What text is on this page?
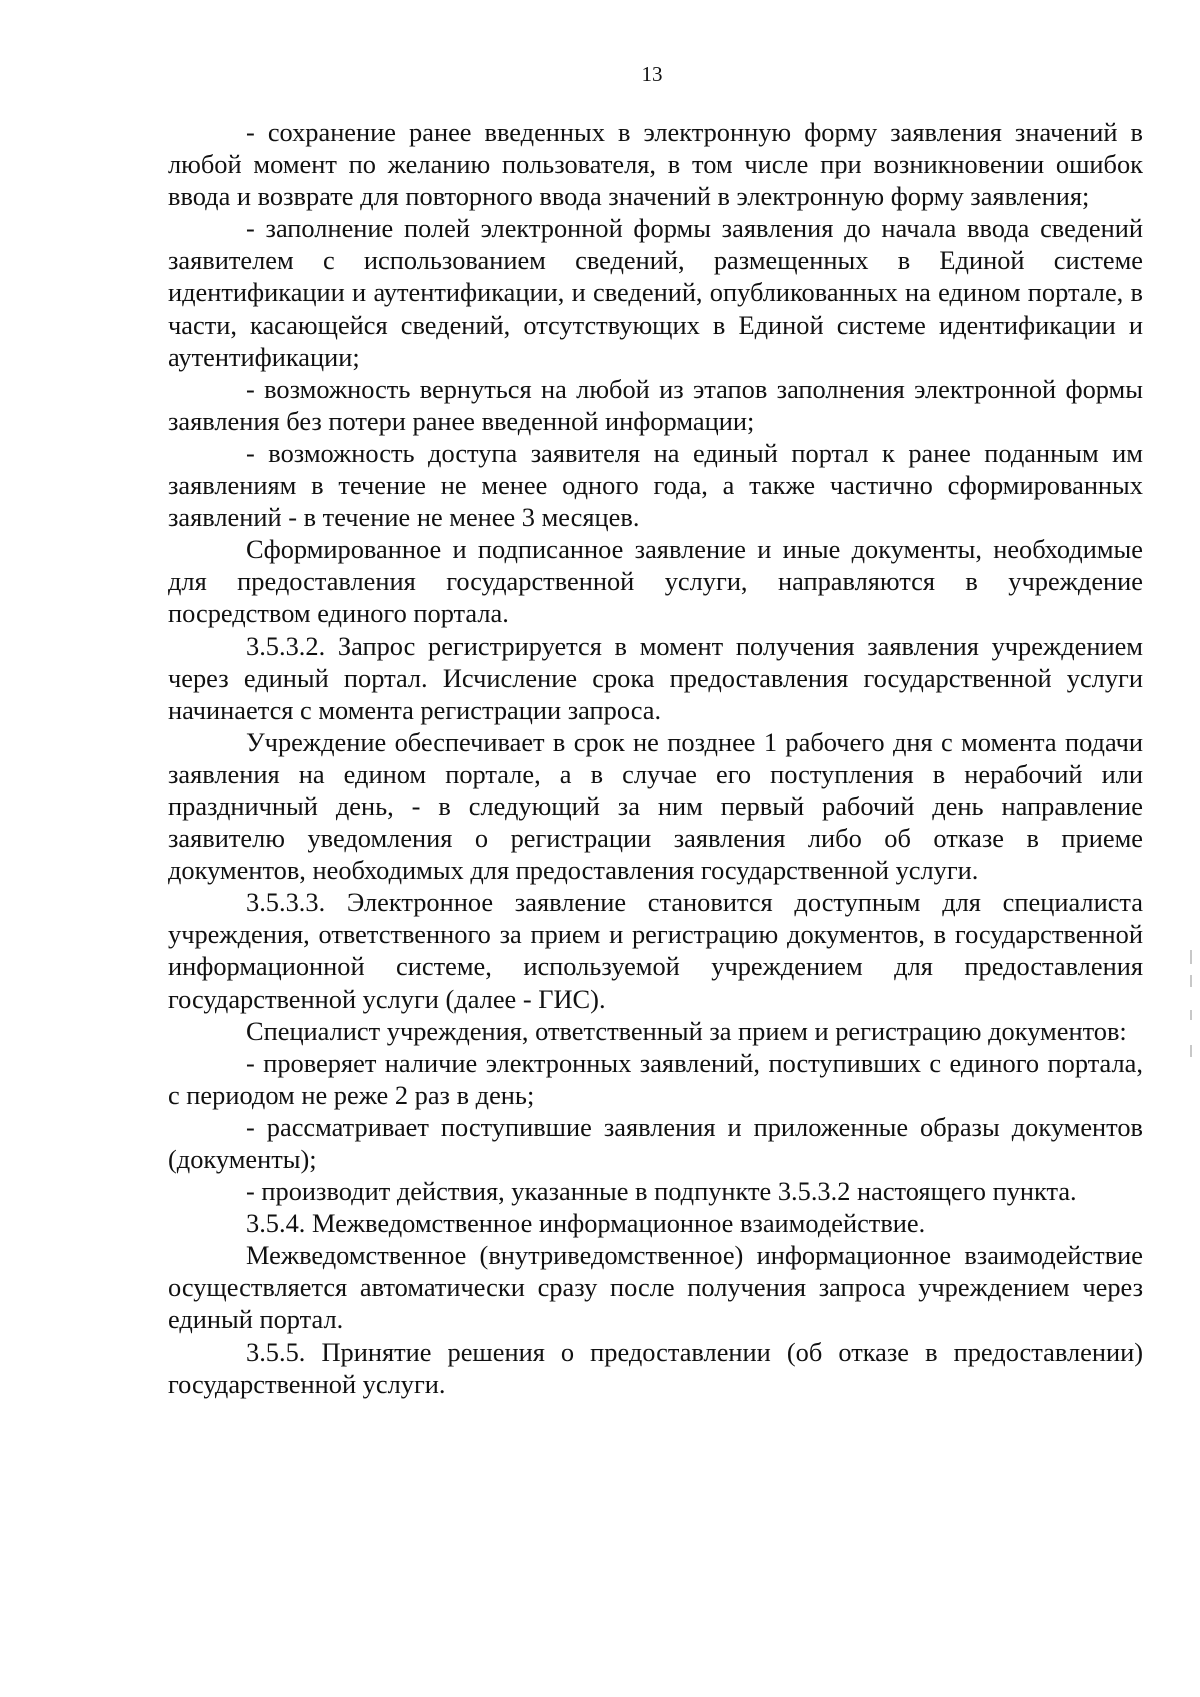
13

- сохранение ранее введенных в электронную форму заявления значений в любой момент по желанию пользователя, в том числе при возникновении ошибок ввода и возврате для повторного ввода значений в электронную форму заявления;

- заполнение полей электронной формы заявления до начала ввода сведений заявителем с использованием сведений, размещенных в Единой системе идентификации и аутентификации, и сведений, опубликованных на едином портале, в части, касающейся сведений, отсутствующих в Единой системе идентификации и аутентификации;

- возможность вернуться на любой из этапов заполнения электронной формы заявления без потери ранее введенной информации;

- возможность доступа заявителя на единый портал к ранее поданным им заявлениям в течение не менее одного года, а также частично сформированных заявлений - в течение не менее 3 месяцев.

Сформированное и подписанное заявление и иные документы, необходимые для предоставления государственной услуги, направляются в учреждение посредством единого портала.

3.5.3.2. Запрос регистрируется в момент получения заявления учреждением через единый портал. Исчисление срока предоставления государственной услуги начинается с момента регистрации запроса.

Учреждение обеспечивает в срок не позднее 1 рабочего дня с момента подачи заявления на едином портале, а в случае его поступления в нерабочий или праздничный день, - в следующий за ним первый рабочий день направление заявителю уведомления о регистрации заявления либо об отказе в приеме документов, необходимых для предоставления государственной услуги.

3.5.3.3. Электронное заявление становится доступным для специалиста учреждения, ответственного за прием и регистрацию документов, в государственной информационной системе, используемой учреждением для предоставления государственной услуги (далее - ГИС).

Специалист учреждения, ответственный за прием и регистрацию документов:

- проверяет наличие электронных заявлений, поступивших с единого портала, с периодом не реже 2 раз в день;

- рассматривает поступившие заявления и приложенные образы документов (документы);

- производит действия, указанные в подпункте 3.5.3.2 настоящего пункта.

3.5.4. Межведомственное информационное взаимодействие.

Межведомственное (внутриведомственное) информационное взаимодействие осуществляется автоматически сразу после получения запроса учреждением через единый портал.

3.5.5. Принятие решения о предоставлении (об отказе в предоставлении) государственной услуги.
